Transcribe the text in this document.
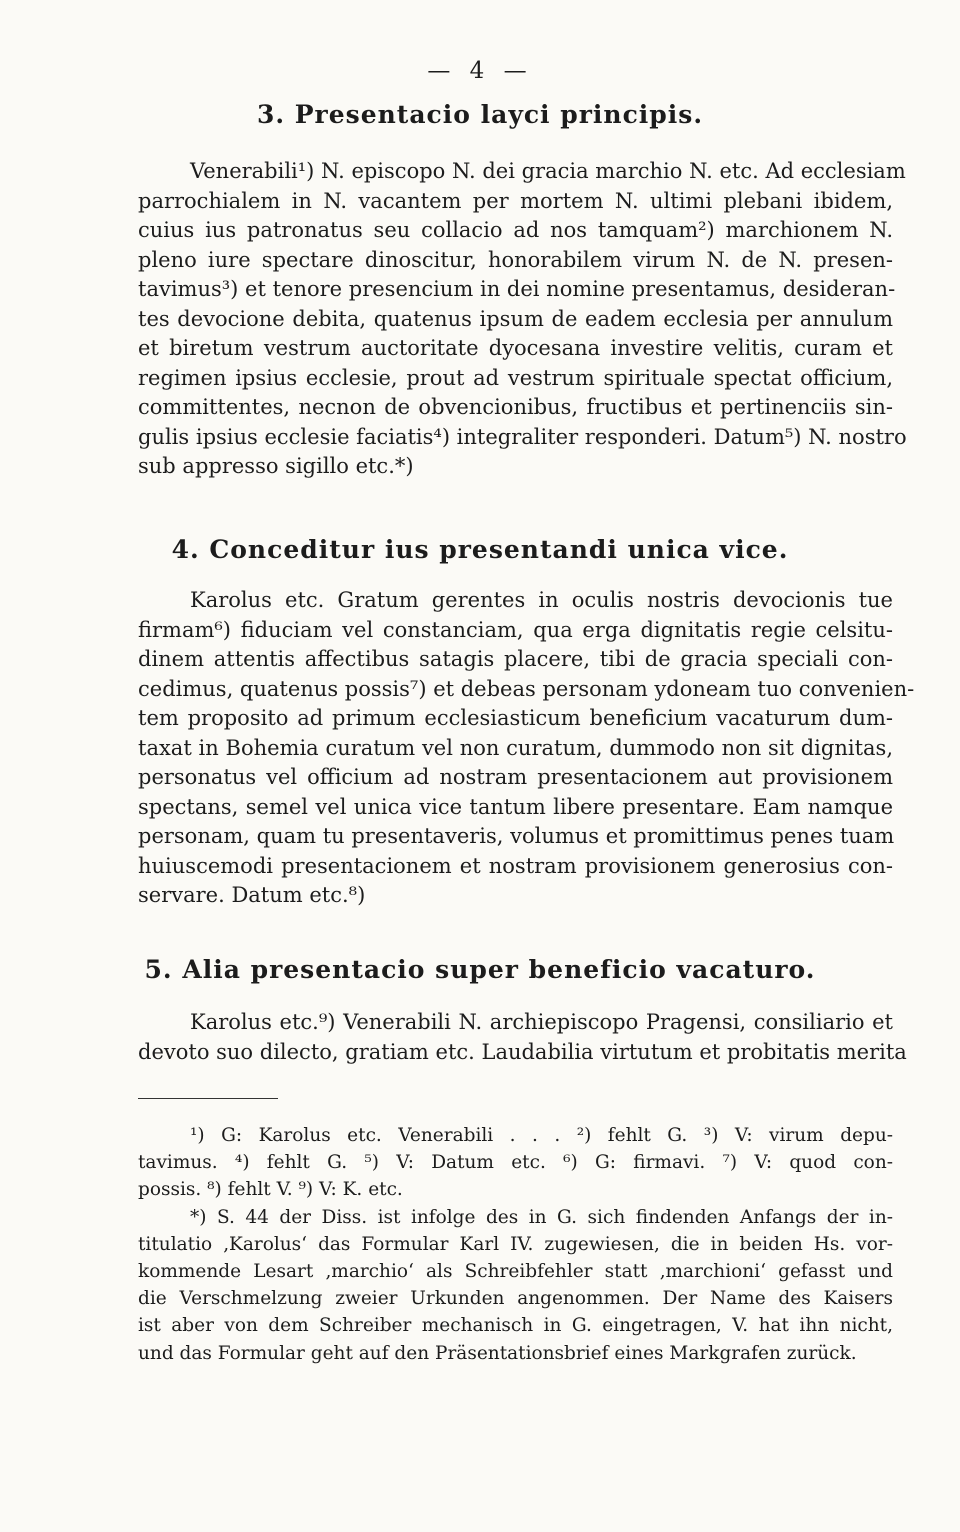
— 4 —
3. Presentacio layci principis.
Venerabili¹) N. episcopo N. dei gracia marchio N. etc. Ad ecclesiam
parrochialem in N. vacantem per mortem N. ultimi plebani ibidem,
cuius ius patronatus seu collacio ad nos tamquam²) marchionem N.
pleno iure spectare dinoscitur, honorabilem virum N. de N. presen-
tavimus³) et tenore presencium in dei nomine presentamus, desideran-
tes devocione debita, quatenus ipsum de eadem ecclesia per annulum
et biretum vestrum auctoritate dyocesana investire velitis, curam et
regimen ipsius ecclesie, prout ad vestrum spirituale spectat officium,
committentes, necnon de obvencionibus, fructibus et pertinenciis sin-
gulis ipsius ecclesie faciatis⁴) integraliter responderi. Datum⁵) N. nostro
sub appresso sigillo etc.*)
4. Conceditur ius presentandi unica vice.
Karolus etc. Gratum gerentes in oculis nostris devocionis tue
firmam⁶) fiduciam vel constanciam, qua erga dignitatis regie celsitu-
dinem attentis affectibus satagis placere, tibi de gracia speciali con-
cedimus, quatenus possis⁷) et debeas personam ydoneam tuo convenien-
tem proposito ad primum ecclesiasticum beneficium vacaturum dum-
taxat in Bohemia curatum vel non curatum, dummodo non sit dignitas,
personatus vel officium ad nostram presentacionem aut provisionem
spectans, semel vel unica vice tantum libere presentare. Eam namque
personam, quam tu presentaveris, volumus et promittimus penes tuam
huiuscemodi presentacionem et nostram provisionem generosius con-
servare. Datum etc.⁸)
5. Alia presentacio super beneficio vacaturo.
Karolus etc.⁹) Venerabili N. archiepiscopo Pragensi, consiliario et
devoto suo dilecto, gratiam etc. Laudabilia virtutum et probitatis merita
¹) G: Karolus etc. Venerabili . . . ²) fehlt G. ³) V: virum depu-
tavimus. ⁴) fehlt G. ⁵) V: Datum etc. ⁶) G: firmavi. ⁷) V: quod con-
possis. ⁸) fehlt V. ⁹) V: K. etc.
*) S. 44 der Diss. ist infolge des in G. sich findenden Anfangs der in-
titulatio ‚Karolus‘ das Formular Karl IV. zugewiesen, die in beiden Hs. vor-
kommende Lesart ‚marchio‘ als Schreibfehler statt ‚marchioni‘ gefasst und
die Verschmelzung zweier Urkunden angenommen. Der Name des Kaisers
ist aber von dem Schreiber mechanisch in G. eingetragen, V. hat ihn nicht,
und das Formular geht auf den Präsentationsbrief eines Markgrafen zurück.
